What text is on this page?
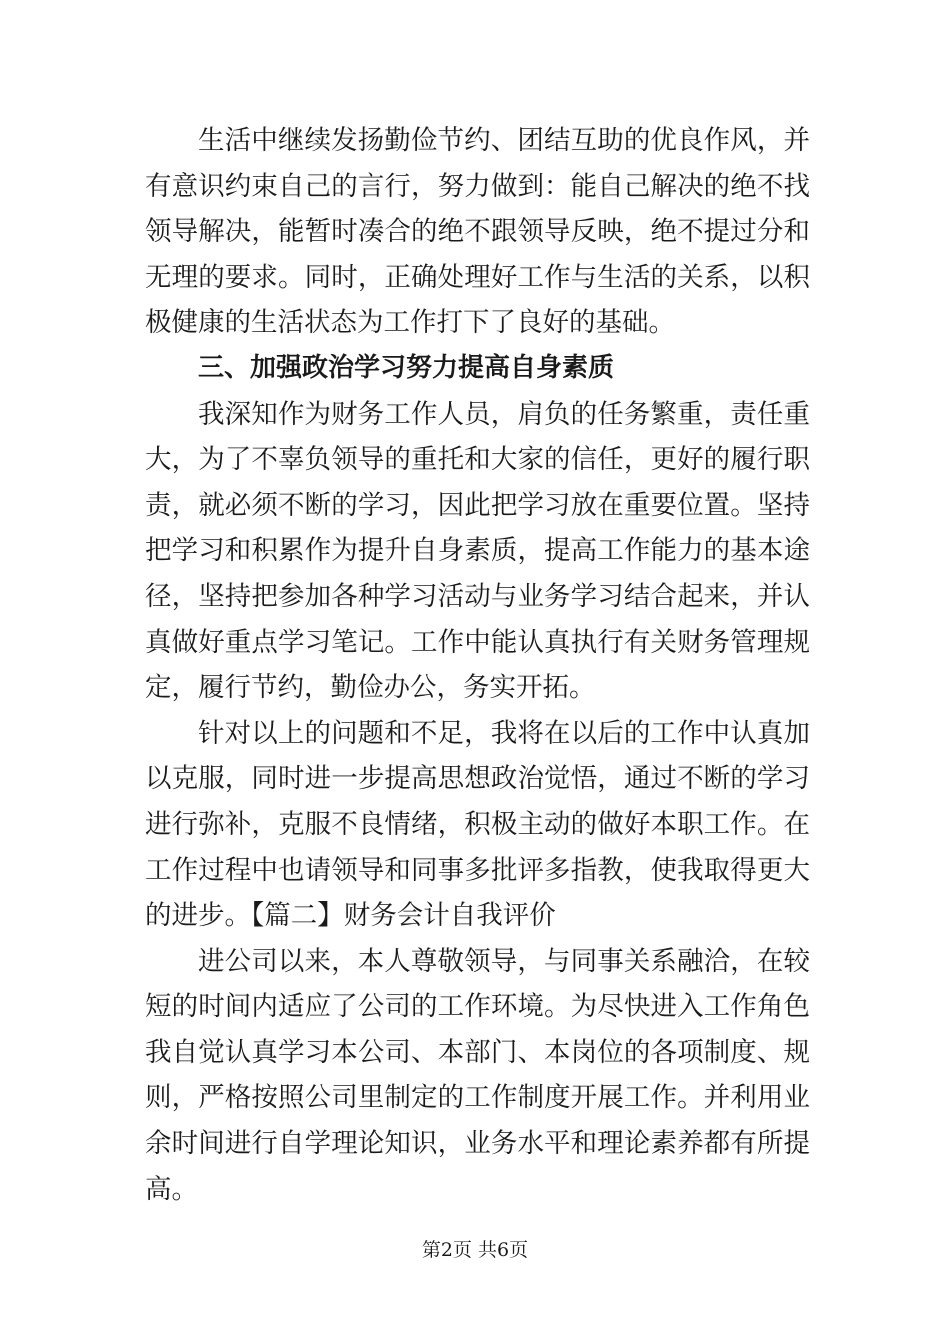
生活中继续发扬勤俭节约、团结互助的优良作风，并有意识约束自己的言行，努力做到：能自己解决的绝不找领导解决，能暂时凑合的绝不跟领导反映，绝不提过分和无理的要求。同时，正确处理好工作与生活的关系，以积极健康的生活状态为工作打下了良好的基础。

三、加强政治学习努力提高自身素质

我深知作为财务工作人员，肩负的任务繁重，责任重大，为了不辜负领导的重托和大家的信任，更好的履行职责，就必须不断的学习，因此把学习放在重要位置。坚持把学习和积累作为提升自身素质，提高工作能力的基本途径，坚持把参加各种学习活动与业务学习结合起来，并认真做好重点学习笔记。工作中能认真执行有关财务管理规定，履行节约，勤俭办公，务实开拓。

针对以上的问题和不足，我将在以后的工作中认真加以克服，同时进一步提高思想政治觉悟，通过不断的学习进行弥补，克服不良情绪，积极主动的做好本职工作。在工作过程中也请领导和同事多批评多指教，使我取得更大的进步。【篇二】财务会计自我评价

进公司以来，本人尊敬领导，与同事关系融洽，在较短的时间内适应了公司的工作环境。为尽快进入工作角色我自觉认真学习本公司、本部门、本岗位的各项制度、规则，严格按照公司里制定的工作制度开展工作。并利用业余时间进行自学理论知识，业务水平和理论素养都有所提高。

第2页 共6页
